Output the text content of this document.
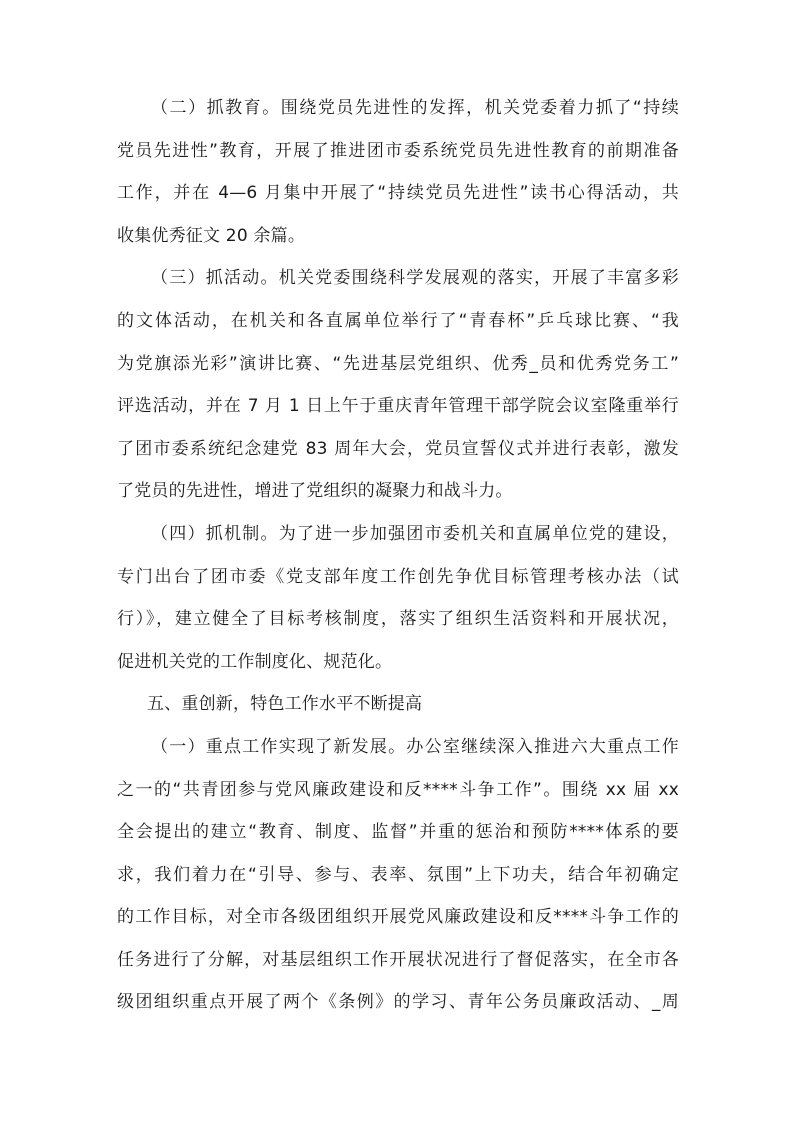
（二）抓教育。围绕党员先进性的发挥，机关党委着力抓了“持续
党员先进性”教育，开展了推进团市委系统党员先进性教育的前期准备
工作，并在 4—6 月集中开展了“持续党员先进性”读书心得活动，共
收集优秀征文 20 余篇。
（三）抓活动。机关党委围绕科学发展观的落实，开展了丰富多彩
的文体活动，在机关和各直属单位举行了“青春杯”乒乓球比赛、“我
为党旗添光彩”演讲比赛、“先进基层党组织、优秀_员和优秀党务工”
评选活动，并在 7 月 1 日上午于重庆青年管理干部学院会议室隆重举行
了团市委系统纪念建党 83 周年大会，党员宣誓仪式并进行表彰，激发
了党员的先进性，增进了党组织的凝聚力和战斗力。
（四）抓机制。为了进一步加强团市委机关和直属单位党的建设，
专门出台了团市委《党支部年度工作创先争优目标管理考核办法（试
行）》，建立健全了目标考核制度，落实了组织生活资料和开展状况，
促进机关党的工作制度化、规范化。
五、重创新，特色工作水平不断提高
（一）重点工作实现了新发展。办公室继续深入推进六大重点工作
之一的“共青团参与党风廉政建设和反****斗争工作”。围绕 xx 届 xx
全会提出的建立“教育、制度、监督”并重的惩治和预防****体系的要
求，我们着力在“引导、参与、表率、氛围”上下功夫，结合年初确定
的工作目标，对全市各级团组织开展党风廉政建设和反****斗争工作的
任务进行了分解，对基层组织工作开展状况进行了督促落实，在全市各
级团组织重点开展了两个《条例》的学习、青年公务员廉政活动、_周
